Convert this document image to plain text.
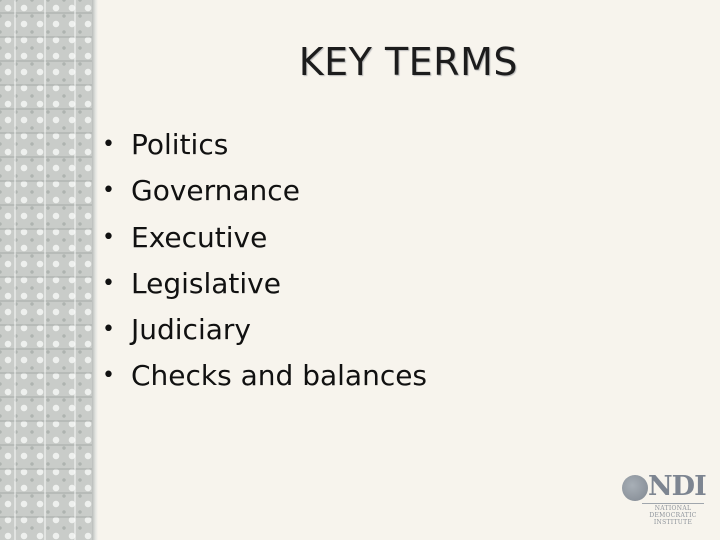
KEY TERMS
• Politics
• Governance
• Executive
• Legislative
• Judiciary
• Checks and balances
NDI
NATIONAL
DEMOCRATIC
INSTITUTE
